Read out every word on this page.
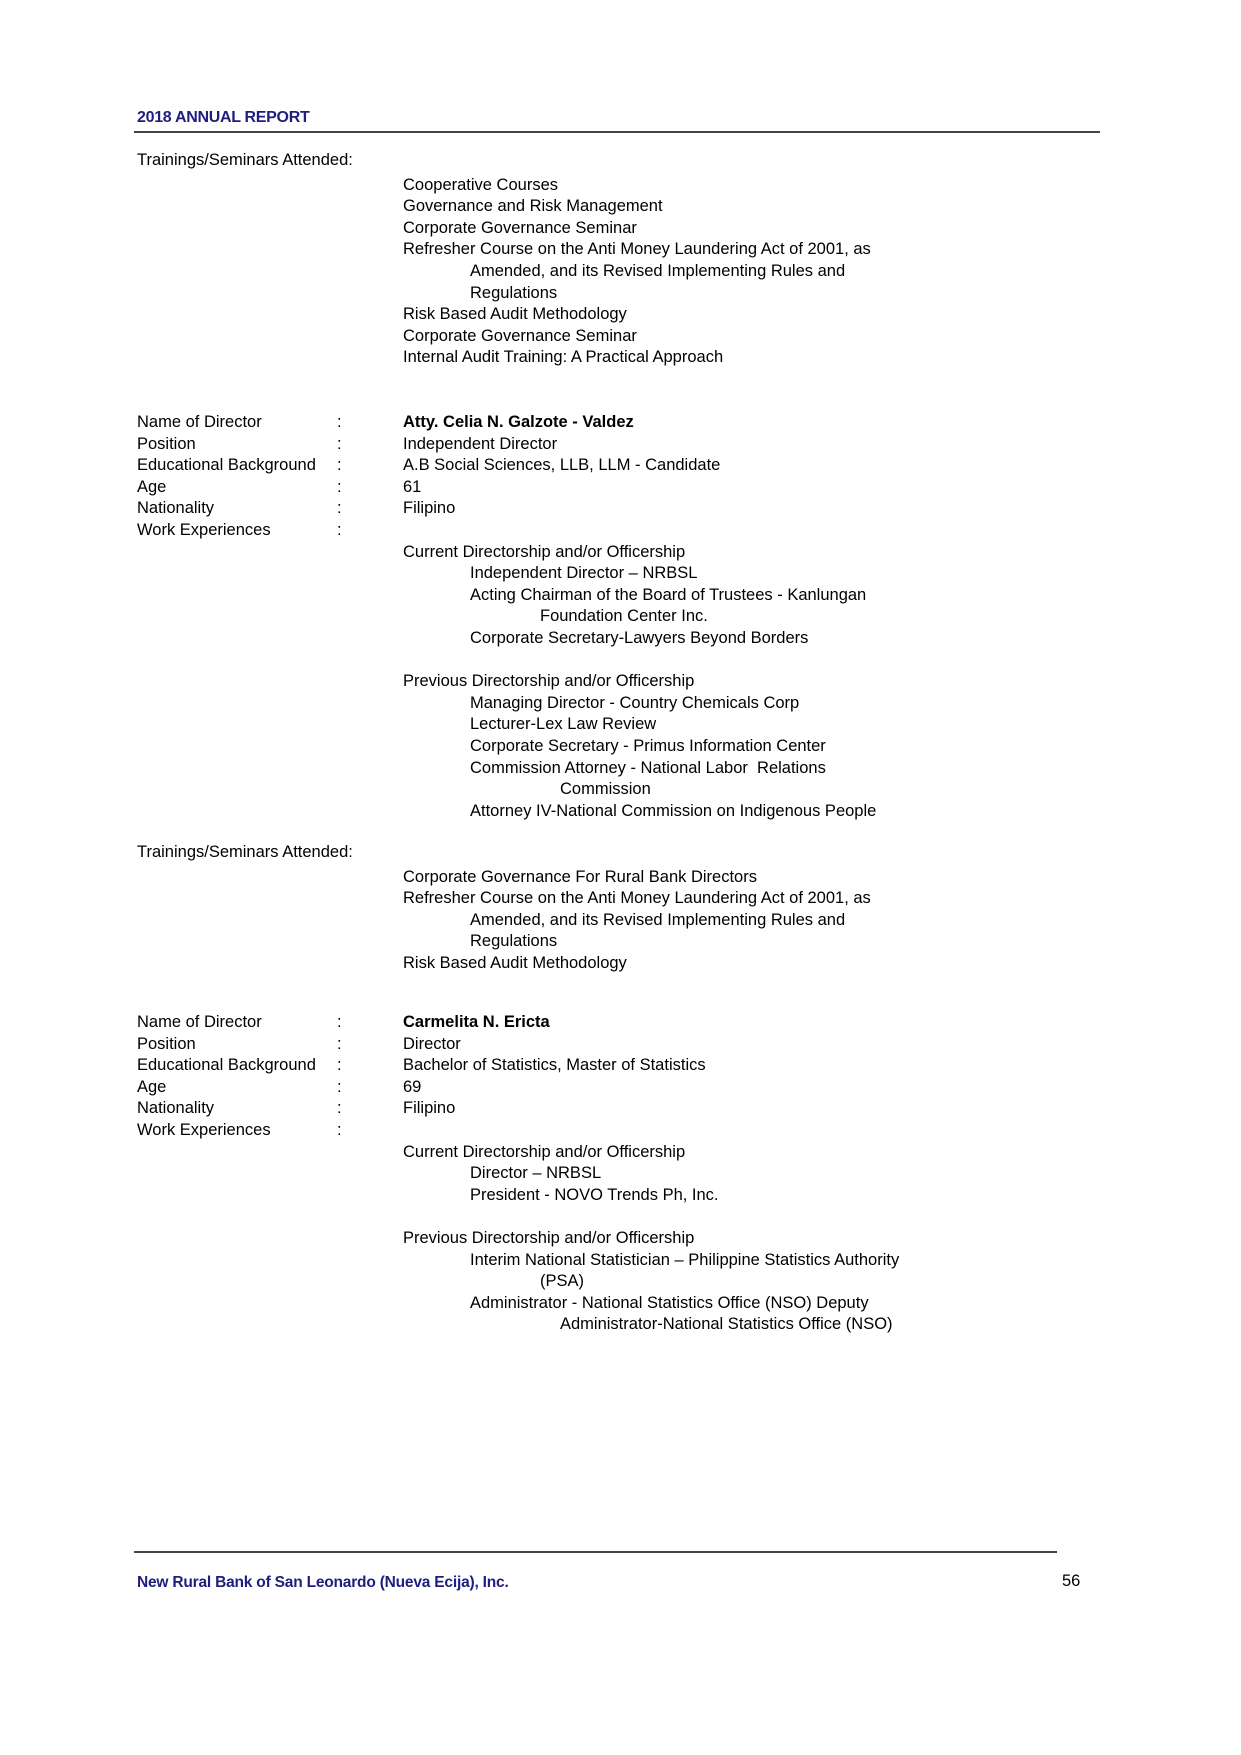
2018 ANNUAL REPORT
Trainings/Seminars Attended:
Cooperative Courses
Governance and Risk Management
Corporate Governance Seminar
Refresher Course on the Anti Money Laundering Act of 2001, as
Amended, and its Revised Implementing Rules and
Regulations
Risk Based Audit Methodology
Corporate Governance Seminar
Internal Audit Training: A Practical Approach
Name of Director	:	Atty. Celia N. Galzote - Valdez
Position	:	Independent Director
Educational Background	:	A.B Social Sciences, LLB, LLM - Candidate
Age	:	61
Nationality	:	Filipino
Work Experiences	:
Current Directorship and/or Officership
Independent Director – NRBSL
Acting Chairman of the Board of Trustees - Kanlungan
Foundation Center Inc.
Corporate Secretary-Lawyers Beyond Borders
Previous Directorship and/or Officership
Managing Director - Country Chemicals Corp
Lecturer-Lex Law Review
Corporate Secretary - Primus Information Center
Commission Attorney - National Labor  Relations
Commission
Attorney IV-National Commission on Indigenous People
Trainings/Seminars Attended:
Corporate Governance For Rural Bank Directors
Refresher Course on the Anti Money Laundering Act of 2001, as
Amended, and its Revised Implementing Rules and
Regulations
Risk Based Audit Methodology
Name of Director	:	Carmelita N. Ericta
Position	:	Director
Educational Background	:	Bachelor of Statistics, Master of Statistics
Age	:	69
Nationality	:	Filipino
Work Experiences	:
Current Directorship and/or Officership
Director – NRBSL
President - NOVO Trends Ph, Inc.
Previous Directorship and/or Officership
Interim National Statistician – Philippine Statistics Authority
(PSA)
Administrator - National Statistics Office (NSO) Deputy
Administrator-National Statistics Office (NSO)
New Rural Bank of San Leonardo (Nueva Ecija), Inc.	56
